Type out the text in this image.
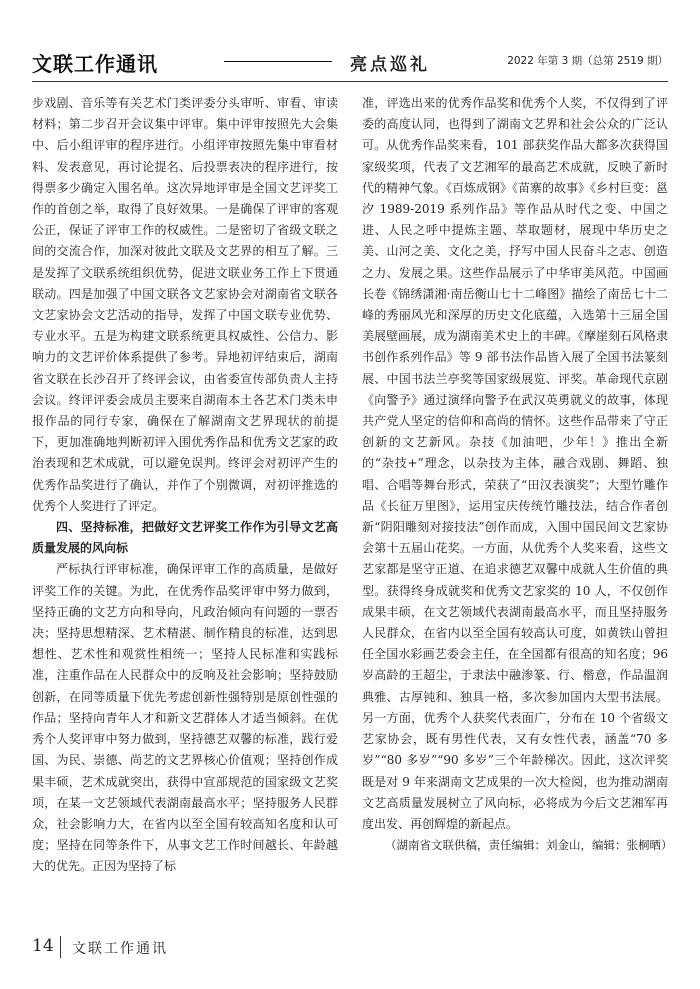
文联工作通讯	亮点巡礼	2022 年第 3 期（总第 2519 期）

步戏剧、音乐等有关艺术门类评委分头审听、审看、审读材料；第二步召开会议集中评审。集中评审按照先大会集中、后小组评审的程序进行。小组评审按照先集中审看材料、发表意见，再讨论提名、后投票表决的程序进行，按得票多少确定入围名单。这次异地评审是全国文艺评奖工作的首创之举，取得了良好效果。一是确保了评审的客观公正，保证了评审工作的权威性。二是密切了省级文联之间的交流合作，加深对彼此文联及文艺界的相互了解。三是发挥了文联系统组织优势，促进文联业务工作上下贯通联动。四是加强了中国文联各文艺家协会对湖南省文联各文艺家协会文艺活动的指导，发挥了中国文联专业优势、专业水平。五是为构建文联系统更具权威性、公信力、影响力的文艺评价体系提供了参考。异地初评结束后，湖南省文联在长沙召开了终评会议，由省委宣传部负责人主持会议。终评评委会成员主要来自湖南本土各艺术门类未申报作品的同行专家，确保在了解湖南文艺界现状的前提下，更加准确地判断初评入围优秀作品和优秀文艺家的政治表现和艺术成就，可以避免误判。终评会对初评产生的优秀作品奖进行了确认，并作了个别微调，对初评推选的优秀个人奖进行了评定。

四、坚持标准，把做好文艺评奖工作作为引导文艺高质量发展的风向标

严标执行评审标准，确保评审工作的高质量，是做好评奖工作的关键。为此，在优秀作品奖评审中努力做到，坚持正确的文艺方向和导向，凡政治倾向有问题的一票否决；坚持思想精深、艺术精湛、制作精良的标准，达到思想性、艺术性和观赏性相统一；坚持人民标准和实践标准，注重作品在人民群众中的反响及社会影响；坚持鼓励创新，在同等质量下优先考虑创新性强特别是原创性强的作品；坚持向青年人才和新文艺群体人才适当倾斜。在优秀个人奖评审中努力做到，坚持德艺双馨的标准，践行爱国、为民、崇德、尚艺的文艺界核心价值观；坚持创作成果丰硕，艺术成就突出，获得中宣部规范的国家级文艺奖项，在某一文艺领域代表湖南最高水平；坚持服务人民群众，社会影响力大，在省内以至全国有较高知名度和认可度；坚持在同等条件下，从事文艺工作时间越长、年龄越大的优先。正因为坚持了标

准，评选出来的优秀作品奖和优秀个人奖，不仅得到了评委的高度认同，也得到了湖南文艺界和社会公众的广泛认可。从优秀作品奖来看，101 部获奖作品大都多次获得国家级奖项，代表了文艺湘军的最高艺术成就，反映了新时代的精神气象。《百炼成钢》《苗寨的故事》《乡村巨变：邕汐 1989-2019 系列作品》等作品从时代之变、中国之进、人民之呼中提炼主题、萃取题材，展现中华历史之美、山河之美、文化之美，抒写中国人民奋斗之志、创造之力、发展之果。这些作品展示了中华审美风范。中国画长卷《锦绣潇湘·南岳衡山七十二峰图》描绘了南岳七十二峰的秀丽风光和深厚的历史文化底蕴，入选第十三届全国美展壁画展，成为湖南美术史上的丰碑。《摩崖刻石风格隶书创作系列作品》等 9 部书法作品皆入展了全国书法篆刻展、中国书法兰亭奖等国家级展览、评奖。革命现代京剧《向警予》通过演绎向警予在武汉英勇就义的故事，体现共产党人坚定的信仰和高尚的情怀。这些作品带来了守正创新的文艺新风。杂技《加油吧，少年！》推出全新的“杂技+”理念，以杂技为主体，融合戏剧、舞蹈、独唱、合唱等舞台形式，荣获了“田汉表演奖”；大型竹雕作品《长征万里图》，运用宝庆传统竹雕技法，结合作者创新“阴阳雕刻对接技法”创作而成，入围中国民间文艺家协会第十五届山花奖。一方面，从优秀个人奖来看，这些文艺家都是坚守正道、在追求德艺双馨中成就人生价值的典型。获得终身成就奖和优秀文艺家奖的 10 人，不仅创作成果丰硕，在文艺领域代表湖南最高水平，而且坚持服务人民群众，在省内以至全国有较高认可度，如黄铁山曾担任全国水彩画艺委会主任，在全国都有很高的知名度；96 岁高龄的王超尘，于隶法中融渗篆、行、楷意，作品温润典雅、古厚钝和、独具一格，多次参加国内大型书法展。另一方面，优秀个人获奖代表面广，分布在 10 个省级文艺家协会，既有男性代表，又有女性代表，涵盖“70 多岁”“80 多岁”“90 多岁”三个年龄梯次。因此，这次评奖既是对 9 年来湖南文艺成果的一次大检阅，也为推动湖南文艺高质量发展树立了风向标，必将成为今后文艺湘军再度出发、再创辉煌的新起点。

（湖南省文联供稿，责任编辑：刘金山，编辑：张桐晒）

14 文联工作通讯
